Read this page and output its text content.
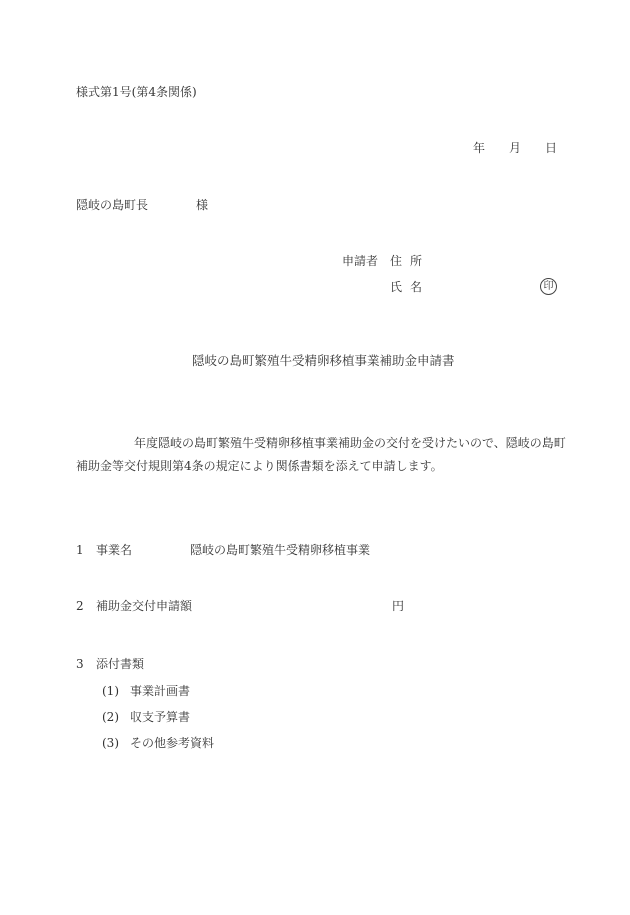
様式第1号(第4条関係)
年 月 日
隠岐の島町長	様
申請者 住所
氏名	印
隠岐の島町繁殖牛受精卵移植事業補助金申請書
年度隠岐の島町繁殖牛受精卵移植事業補助金の交付を受けたいので、隠岐の島町補助金等交付規則第4条の規定により関係書類を添えて申請します。
1 事業名	隠岐の島町繁殖牛受精卵移植事業
2 補助金交付申請額	円
3 添付書類
(1) 事業計画書
(2) 収支予算書
(3) その他参考資料
